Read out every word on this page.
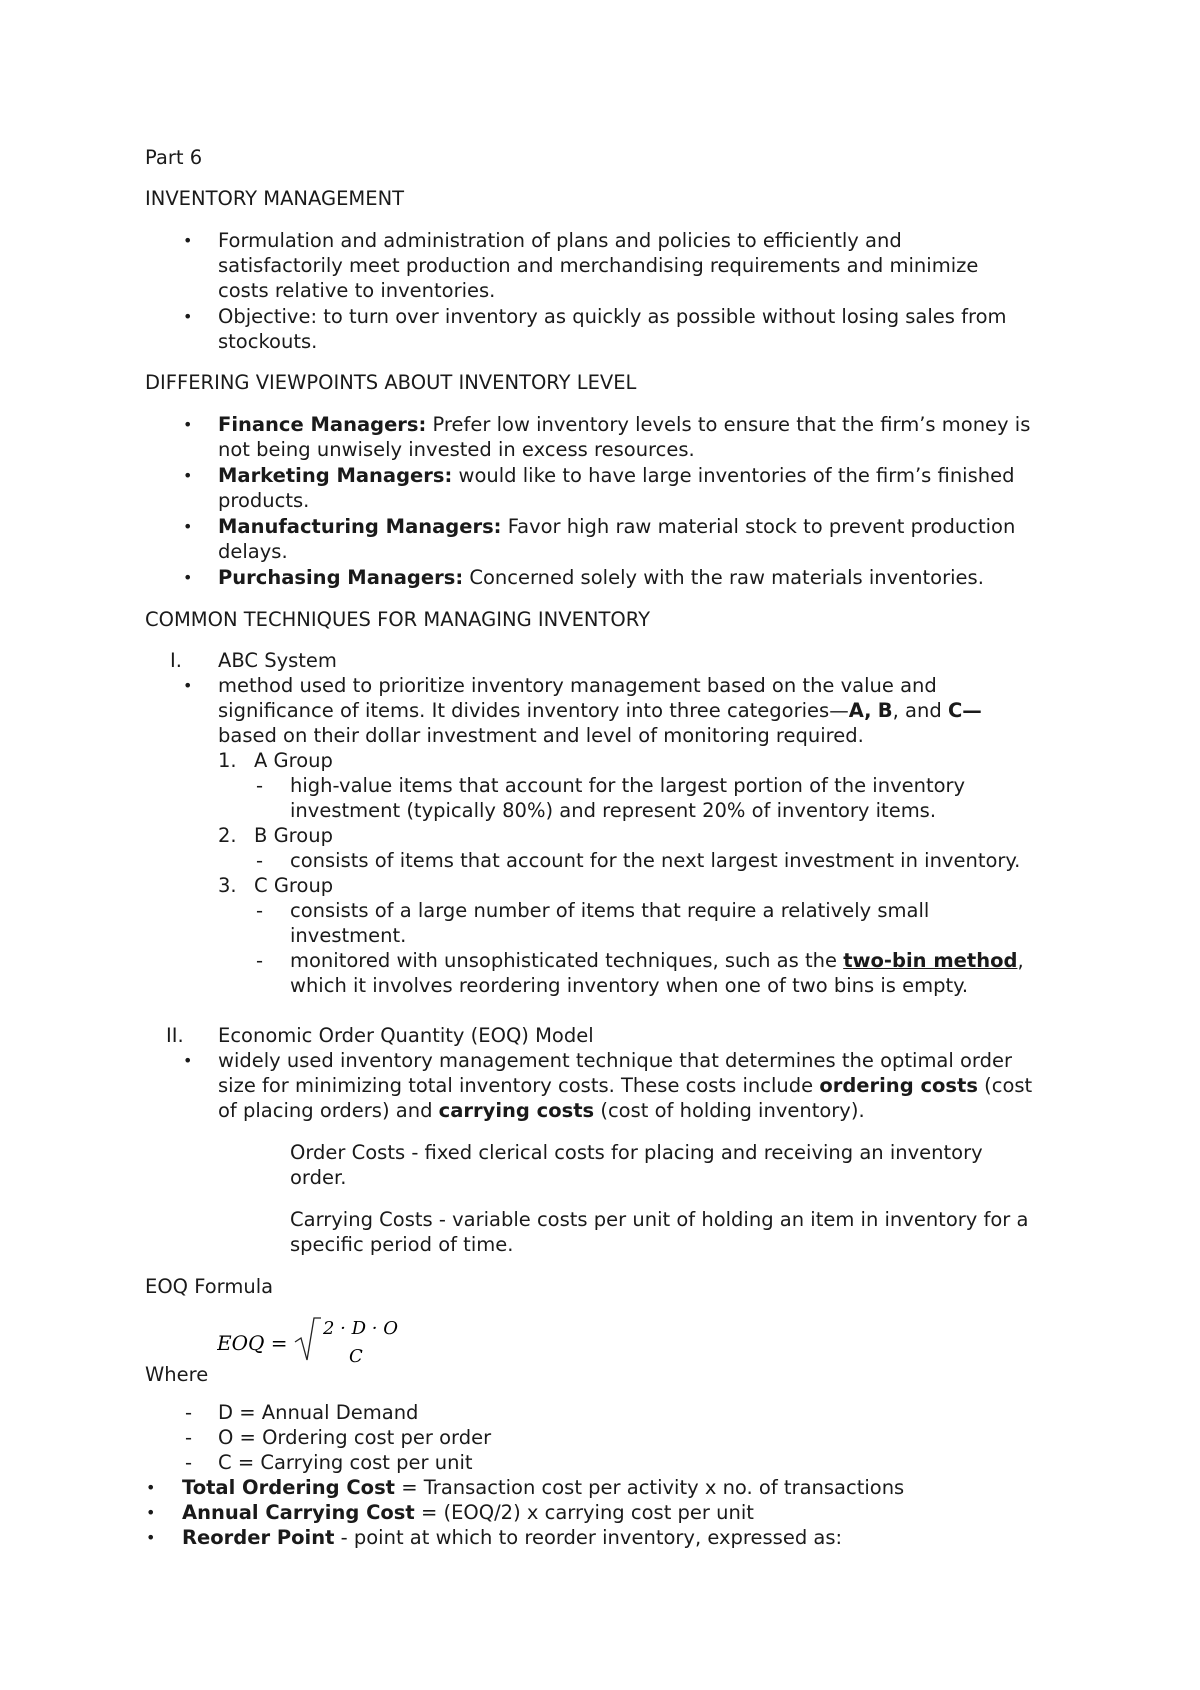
Part 6
INVENTORY MANAGEMENT
• Formulation and administration of plans and policies to efficiently and
satisfactorily meet production and merchandising requirements and minimize
costs relative to inventories.
• Objective: to turn over inventory as quickly as possible without losing sales from
stockouts.
DIFFERING VIEWPOINTS ABOUT INVENTORY LEVEL
• Finance Managers: Prefer low inventory levels to ensure that the firm’s money is
not being unwisely invested in excess resources.
• Marketing Managers: would like to have large inventories of the firm’s finished
products.
• Manufacturing Managers: Favor high raw material stock to prevent production
delays.
• Purchasing Managers: Concerned solely with the raw materials inventories.
COMMON TECHNIQUES FOR MANAGING INVENTORY
I. ABC System
• method used to prioritize inventory management based on the value and
significance of items. It divides inventory into three categories—A, B, and C—
based on their dollar investment and level of monitoring required.
1. A Group
- high-value items that account for the largest portion of the inventory
investment (typically 80%) and represent 20% of inventory items.
2. B Group
- consists of items that account for the next largest investment in inventory.
3. C Group
- consists of a large number of items that require a relatively small
investment.
- monitored with unsophisticated techniques, such as the two-bin method,
which it involves reordering inventory when one of two bins is empty.
II. Economic Order Quantity (EOQ) Model
• widely used inventory management technique that determines the optimal order
size for minimizing total inventory costs. These costs include ordering costs (cost
of placing orders) and carrying costs (cost of holding inventory).
Order Costs - fixed clerical costs for placing and receiving an inventory
order.
Carrying Costs - variable costs per unit of holding an item in inventory for a
specific period of time.
EOQ Formula
EOQ =
2 · D · O
C
Where
- D = Annual Demand
- O = Ordering cost per order
- C = Carrying cost per unit
• Total Ordering Cost = Transaction cost per activity x no. of transactions
• Annual Carrying Cost = (EOQ/2) x carrying cost per unit
• Reorder Point - point at which to reorder inventory, expressed as:
